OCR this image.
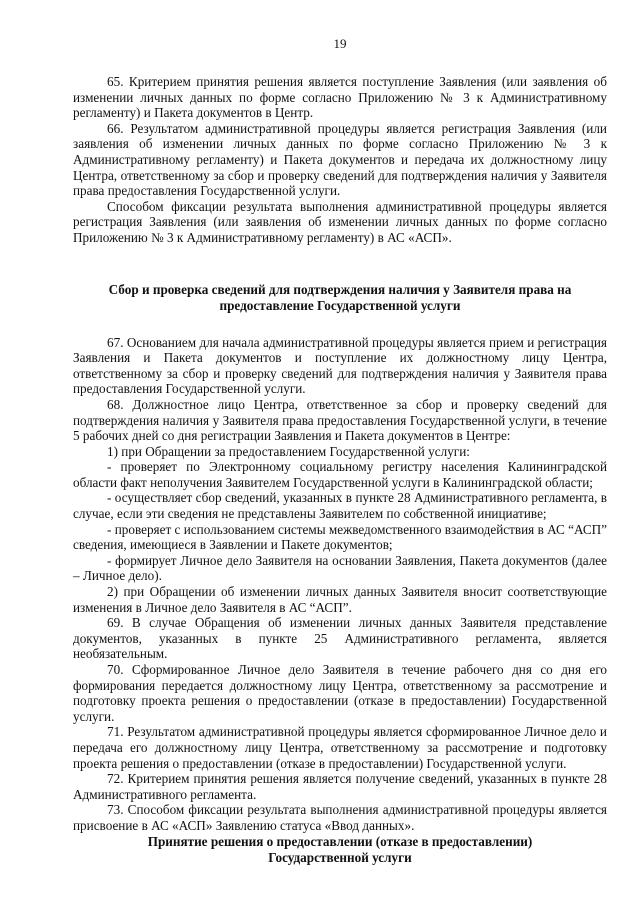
19

65. Критерием принятия решения является поступление Заявления (или заявления об изменении личных данных по форме согласно Приложению № 3 к Административному регламенту) и Пакета документов в Центр.

66. Результатом административной процедуры является регистрация Заявления (или заявления об изменении личных данных по форме согласно Приложению № 3 к Административному регламенту) и Пакета документов и передача их должностному лицу Центра, ответственному за сбор и проверку сведений для подтверждения наличия у Заявителя права предоставления Государственной услуги.

Способом фиксации результата выполнения административной процедуры является регистрация Заявления (или заявления об изменении личных данных по форме согласно Приложению № 3 к Административному регламенту) в АС «АСП».

Сбор и проверка сведений для подтверждения наличия у Заявителя права на
предоставление Государственной услуги

67. Основанием для начала административной процедуры является прием и регистрация Заявления и Пакета документов и поступление их должностному лицу Центра, ответственному за сбор и проверку сведений для подтверждения наличия у Заявителя права предоставления Государственной услуги.

68. Должностное лицо Центра, ответственное за сбор и проверку сведений для подтверждения наличия у Заявителя права предоставления Государственной услуги, в течение 5 рабочих дней со дня регистрации Заявления и Пакета документов в Центре:

1) при Обращении за предоставлением Государственной услуги:

- проверяет по Электронному социальному регистру населения Калининградской области факт неполучения Заявителем Государственной услуги в Калининградской области;

- осуществляет сбор сведений, указанных в пункте 28 Административного регламента, в случае, если эти сведения не представлены Заявителем по собственной инициативе;

- проверяет с использованием системы межведомственного взаимодействия в АС “АСП” сведения, имеющиеся в Заявлении и Пакете документов;

- формирует Личное дело Заявителя на основании Заявления, Пакета документов (далее – Личное дело).

2) при Обращении об изменении личных данных Заявителя вносит соответствующие изменения в Личное дело Заявителя в АС “АСП”.

69. В случае Обращения об изменении личных данных Заявителя представление документов, указанных в пункте 25 Административного регламента, является необязательным.

70. Сформированное Личное дело Заявителя в течение рабочего дня со дня его формирования передается должностному лицу Центра, ответственному за рассмотрение и подготовку проекта решения о предоставлении (отказе в предоставлении) Государственной услуги.

71. Результатом административной процедуры является сформированное Личное дело и передача его должностному лицу Центра, ответственному за рассмотрение и подготовку проекта решения о предоставлении (отказе в предоставлении) Государственной услуги.

72. Критерием принятия решения является получение сведений, указанных в пункте 28 Административного регламента.

73. Способом фиксации результата выполнения административной процедуры является присвоение в АС «АСП» Заявлению статуса «Ввод данных».

Принятие решения о предоставлении (отказе в предоставлении)
Государственной услуги
